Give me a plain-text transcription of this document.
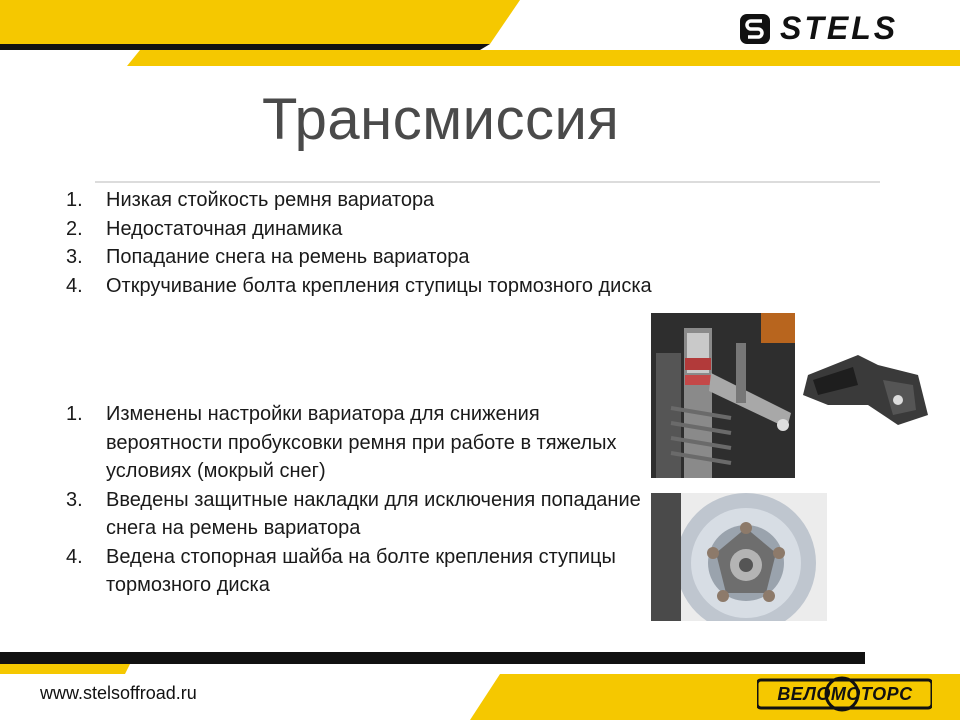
STELS
Трансмиссия
1.	Низкая стойкость ремня вариатора
2.	Недостаточная динамика
3.	Попадание снега на ремень вариатора
4.	Откручивание болта крепления ступицы тормозного диска
1.	Изменены настройки вариатора для снижения вероятности пробуксовки ремня при работе в тяжелых условиях (мокрый снег)
3.	Введены защитные накладки для исключения попадание снега на ремень вариатора
4.	Ведена стопорная шайба на болте крепления ступицы тормозного диска
www.stelsoffroad.ru	ВЕЛОМОТОРС
